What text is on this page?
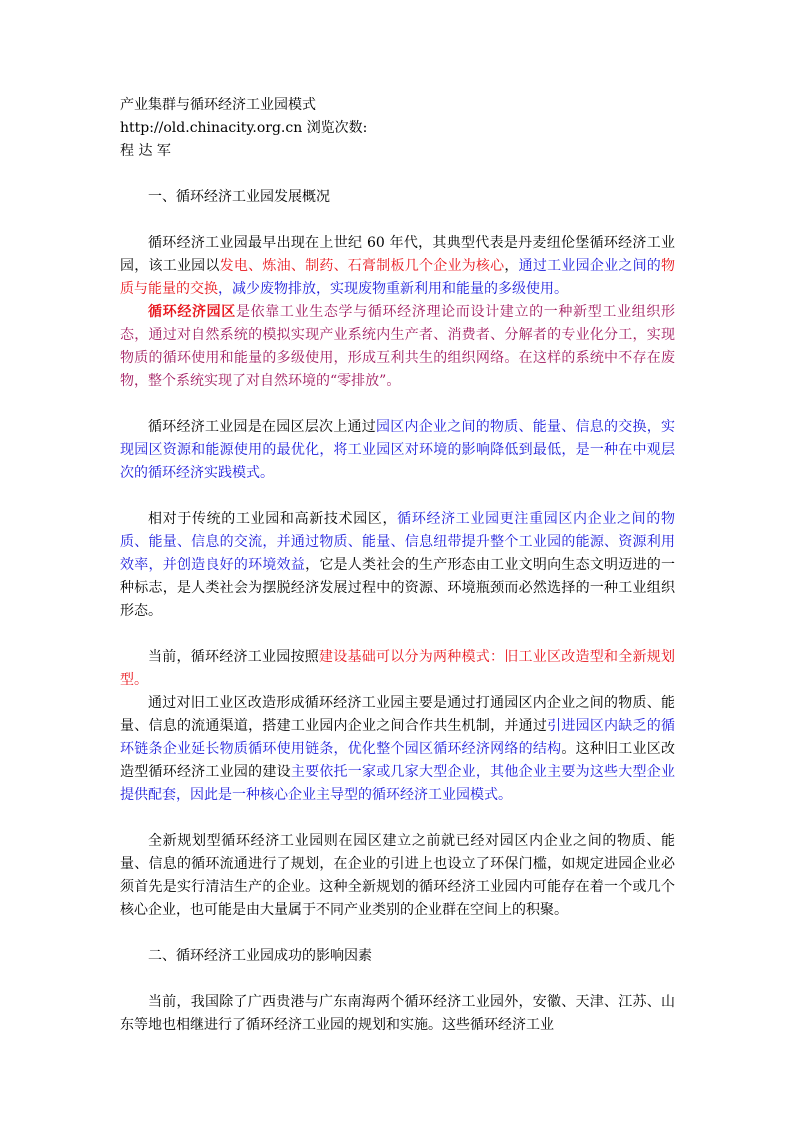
产业集群与循环经济工业园模式
http://old.chinacity.org.cn 浏览次数:
程 达 军

一、循环经济工业园发展概况

循环经济工业园最早出现在上世纪 60 年代，其典型代表是丹麦纽伦堡循环经济工业园，该工业园以发电、炼油、制药、石膏制板几个企业为核心，通过工业园企业之间的物质与能量的交换，减少废物排放，实现废物重新利用和能量的多级使用。

循环经济园区是依靠工业生态学与循环经济理论而设计建立的一种新型工业组织形态，通过对自然系统的模拟实现产业系统内生产者、消费者、分解者的专业化分工，实现物质的循环使用和能量的多级使用，形成互利共生的组织网络。在这样的系统中不存在废物，整个系统实现了对自然环境的“零排放”。

循环经济工业园是在园区层次上通过园区内企业之间的物质、能量、信息的交换，实现园区资源和能源使用的最优化，将工业园区对环境的影响降低到最低，是一种在中观层次的循环经济实践模式。

相对于传统的工业园和高新技术园区，循环经济工业园更注重园区内企业之间的物质、能量、信息的交流，并通过物质、能量、信息纽带提升整个工业园的能源、资源利用效率，并创造良好的环境效益，它是人类社会的生产形态由工业文明向生态文明迈进的一种标志，是人类社会为摆脱经济发展过程中的资源、环境瓶颈而必然选择的一种工业组织形态。

当前，循环经济工业园按照建设基础可以分为两种模式：旧工业区改造型和全新规划型。

通过对旧工业区改造形成循环经济工业园主要是通过打通园区内企业之间的物质、能量、信息的流通渠道，搭建工业园内企业之间合作共生机制，并通过引进园区内缺乏的循环链条企业延长物质循环使用链条，优化整个园区循环经济网络的结构。这种旧工业区改造型循环经济工业园的建设主要依托一家或几家大型企业，其他企业主要为这些大型企业提供配套，因此是一种核心企业主导型的循环经济工业园模式。

全新规划型循环经济工业园则在园区建立之前就已经对园区内企业之间的物质、能量、信息的循环流通进行了规划，在企业的引进上也设立了环保门槛，如规定进园企业必须首先是实行清洁生产的企业。这种全新规划的循环经济工业园内可能存在着一个或几个核心企业，也可能是由大量属于不同产业类别的企业群在空间上的积聚。

二、循环经济工业园成功的影响因素

当前，我国除了广西贵港与广东南海两个循环经济工业园外，安徽、天津、江苏、山东等地也相继进行了循环经济工业园的规划和实施。这些循环经济工业
